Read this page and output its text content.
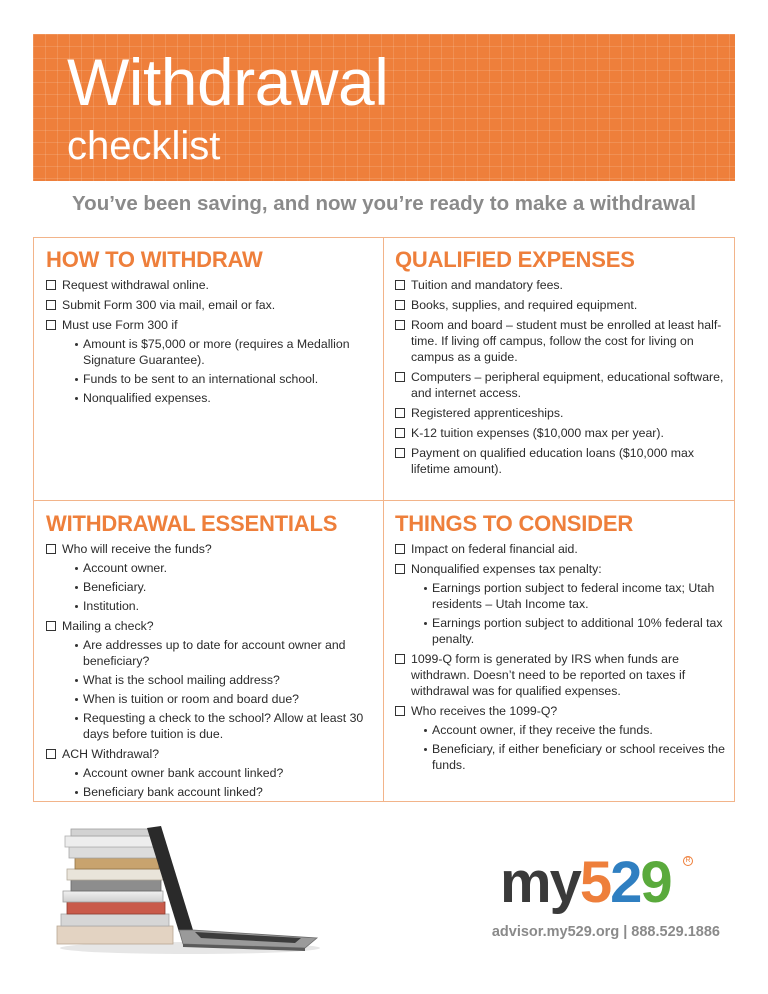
Withdrawal
checklist
You’ve been saving, and now you’re ready to make a withdrawal
HOW TO WITHDRAW
Request withdrawal online.
Submit Form 300 via mail, email or fax.
Must use Form 300 if
Amount is $75,000 or more (requires a Medallion Signature Guarantee).
Funds to be sent to an international school.
Nonqualified expenses.
QUALIFIED EXPENSES
Tuition and mandatory fees.
Books, supplies, and required equipment.
Room and board – student must be enrolled at least half-time. If living off campus, follow the cost for living on campus as a guide.
Computers – peripheral equipment, educational software, and internet access.
Registered apprenticeships.
K-12 tuition expenses ($10,000 max per year).
Payment on qualified education loans ($10,000 max lifetime amount).
WITHDRAWAL ESSENTIALS
Who will receive the funds?
Account owner.
Beneficiary.
Institution.
Mailing a check?
Are addresses up to date for account owner and beneficiary?
What is the school mailing address?
When is tuition or room and board due?
Requesting a check to the school? Allow at least 30 days before tuition is due.
ACH Withdrawal?
Account owner bank account linked?
Beneficiary bank account linked?
THINGS TO CONSIDER
Impact on federal financial aid.
Nonqualified expenses tax penalty:
Earnings portion subject to federal income tax; Utah residents – Utah Income tax.
Earnings portion subject to additional 10% federal tax penalty.
1099-Q form is generated by IRS when funds are withdrawn. Doesn’t need to be reported on taxes if withdrawal was for qualified expenses.
Who receives the 1099-Q?
Account owner, if they receive the funds.
Beneficiary, if either beneficiary or school receives the funds.
my529	R
advisor.my529.org | 888.529.1886
